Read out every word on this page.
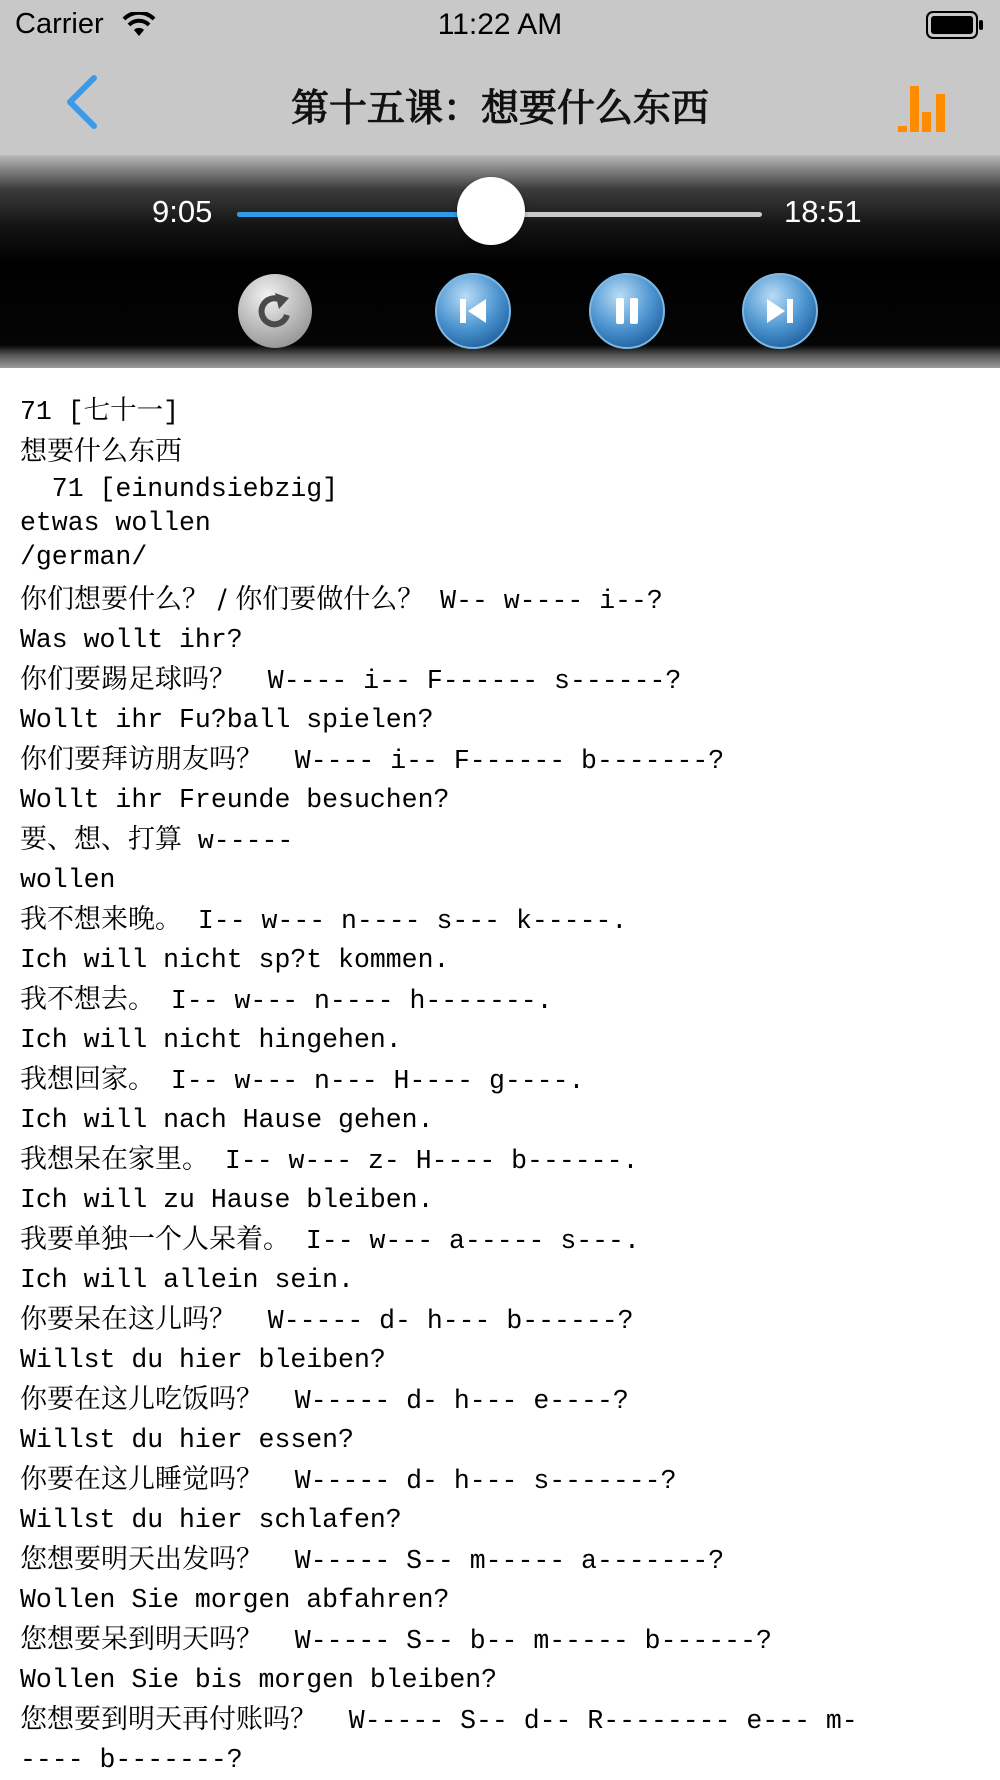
Carrier	11:22 AM
第十五课：想要什么东西
9:05	18:51
71 [七十一]
想要什么东西
71 [einundsiebzig]
etwas wollen
/german/
你们想要什么？ / 你们要做什么？ W-- w---- i--?
Was wollt ihr?
你们要踢足球吗？  W---- i-- F------ s------?
Wollt ihr Fu?ball spielen?
你们要拜访朋友吗？  W---- i-- F------ b-------?
Wollt ihr Freunde besuchen?
要、想、打算 w-----
wollen
我不想来晚。 I-- w--- n---- s--- k-----.
Ich will nicht sp?t kommen.
我不想去。 I-- w--- n---- h-------.
Ich will nicht hingehen.
我想回家。 I-- w--- n--- H---- g----.
Ich will nach Hause gehen.
我想呆在家里。 I-- w--- z- H---- b------.
Ich will zu Hause bleiben.
我要单独一个人呆着。 I-- w--- a----- s---.
Ich will allein sein.
你要呆在这儿吗？  W----- d- h--- b------?
Willst du hier bleiben?
你要在这儿吃饭吗？  W----- d- h--- e----?
Willst du hier essen?
你要在这儿睡觉吗？  W----- d- h--- s-------?
Willst du hier schlafen?
您想要明天出发吗？  W----- S-- m----- a-------?
Wollen Sie morgen abfahren?
您想要呆到明天吗？  W----- S-- b-- m----- b------?
Wollen Sie bis morgen bleiben?
您想要到明天再付账吗？  W----- S-- d-- R-------- e--- m-
---- b-------?
